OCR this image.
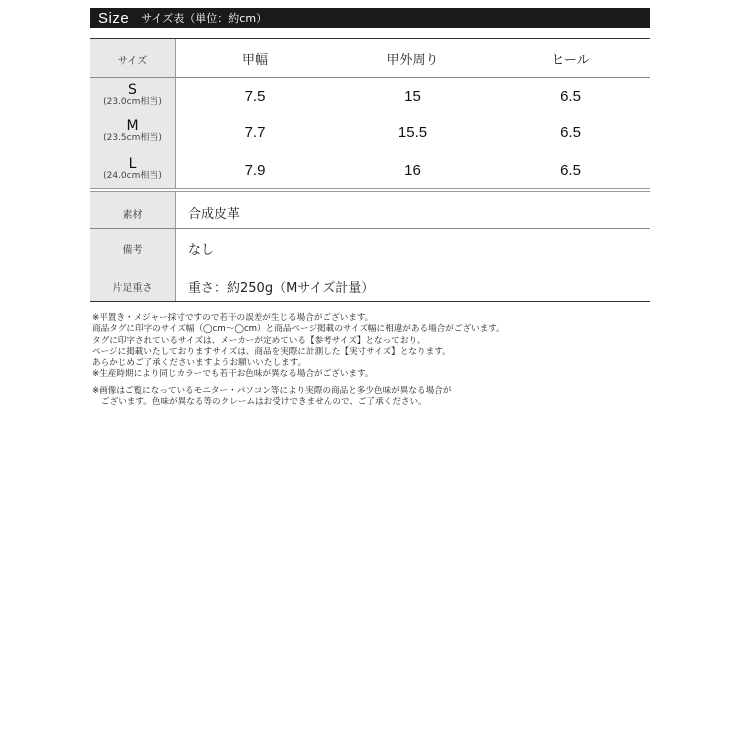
Size サイズ表（単位：約cm）
サイズ	甲幅	甲外周り	ヒール
S
(23.0cm相当)	7.5	15	6.5
M
(23.5cm相当)	7.7	15.5	6.5
L
(24.0cm相当)	7.9	16	6.5
素材	合成皮革
備考	なし
片足重さ	重さ：約250g（Mサイズ計量）

※平置き・メジャー採寸ですので若干の誤差が生じる場合がございます。

商品タグに印字のサイズ幅（◯cm～◯cm）と商品ページ掲載のサイズ幅に相違がある場合がございます。

タグに印字されているサイズは、メーカーが定めている【参考サイズ】となっており、

ページに掲載いたしておりますサイズは、商品を実際に計測した【実寸サイズ】となります。

あらかじめご了承くださいますようお願いいたします。

※生産時期により同じカラーでも若干お色味が異なる場合がございます。

※画像はご覧になっているモニター・パソコン等により実際の商品と多少色味が異なる場合が

ございます。色味が異なる等のクレームはお受けできませんので、ご了承ください。
